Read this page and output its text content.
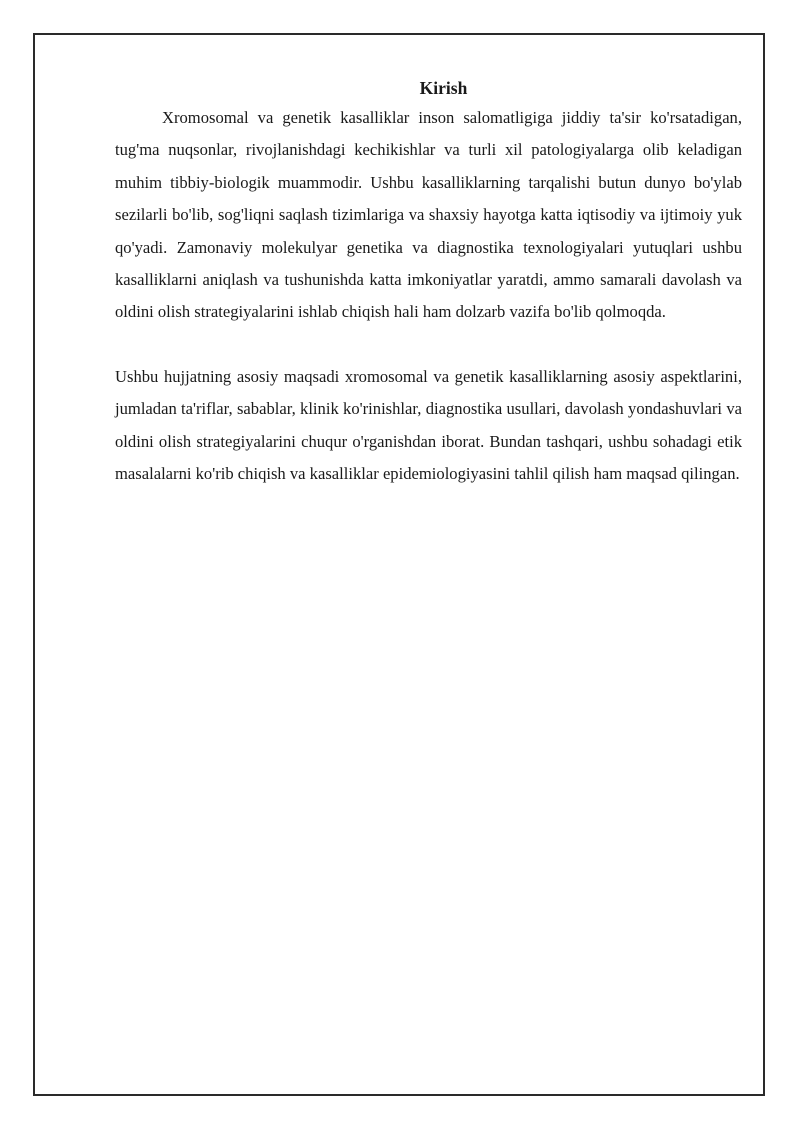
Kirish

Xromosomal va genetik kasalliklar inson salomatligiga jiddiy ta'sir ko'rsatadigan, tug'ma nuqsonlar, rivojlanishdagi kechikishlar va turli xil patologiyalarga olib keladigan muhim tibbiy-biologik muammodir. Ushbu kasalliklarning tarqalishi butun dunyo bo'ylab sezilarli bo'lib, sog'liqni saqlash tizimlariga va shaxsiy hayotga katta iqtisodiy va ijtimoiy yuk qo'yadi. Zamonaviy molekulyar genetika va diagnostika texnologiyalari yutuqlari ushbu kasalliklarni aniqlash va tushunishda katta imkoniyatlar yaratdi, ammo samarali davolash va oldini olish strategiyalarini ishlab chiqish hali ham dolzarb vazifa bo'lib qolmoqda.

Ushbu hujjatning asosiy maqsadi xromosomal va genetik kasalliklarning asosiy aspektlarini, jumladan ta'riflar, sabablar, klinik ko'rinishlar, diagnostika usullari, davolash yondashuvlari va oldini olish strategiyalarini chuqur o'rganishdan iborat. Bundan tashqari, ushbu sohadagi etik masalalarni ko'rib chiqish va kasalliklar epidemiologiyasini tahlil qilish ham maqsad qilingan.
